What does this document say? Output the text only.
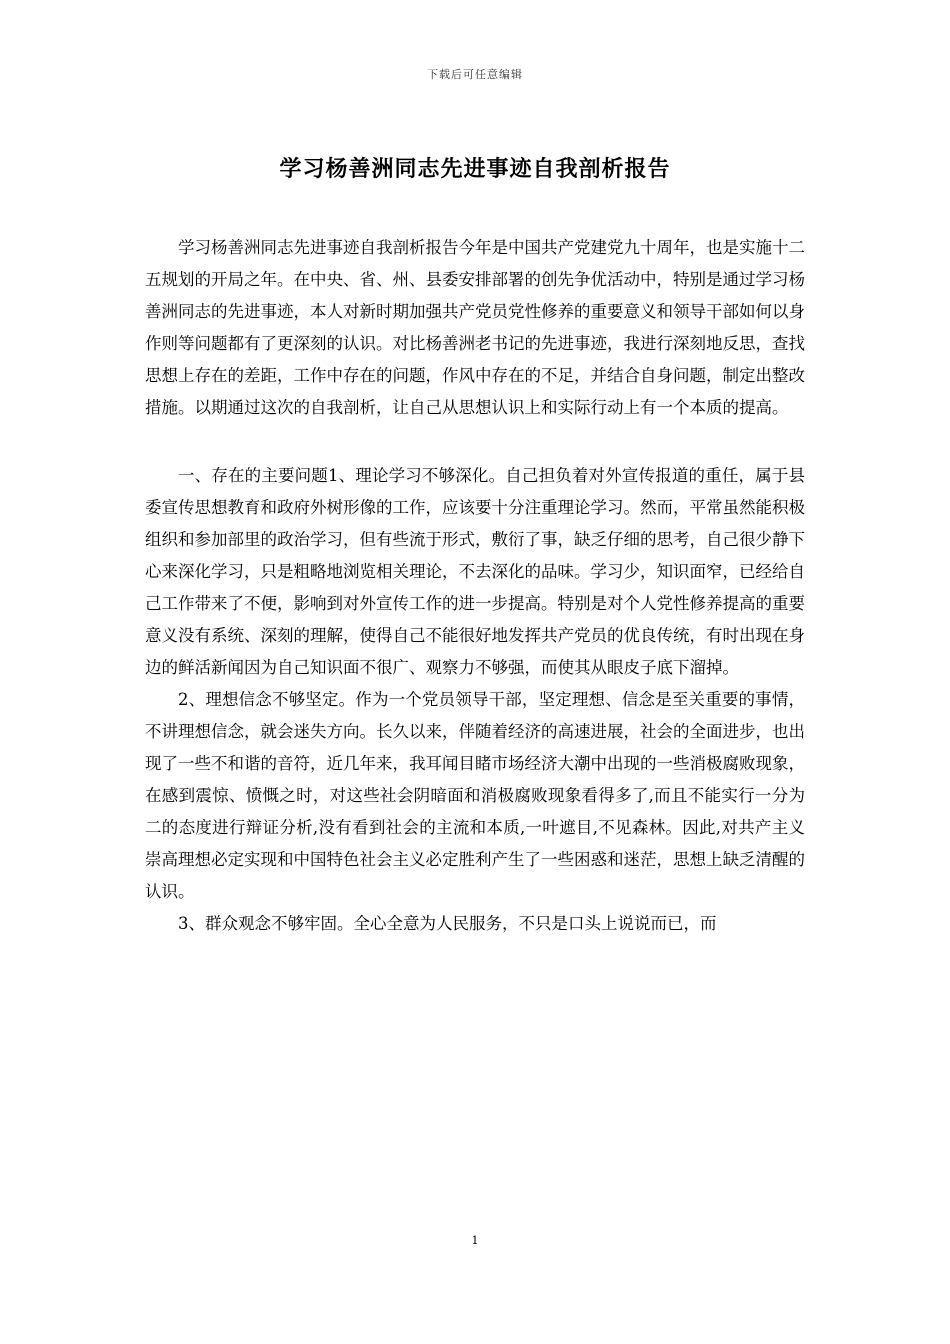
下载后可任意编辑
学习杨善洲同志先进事迹自我剖析报告

学习杨善洲同志先进事迹自我剖析报告今年是中国共产党建党九十周年，也是实施十二五规划的开局之年。在中央、省、州、县委安排部署的创先争优活动中，特别是通过学习杨善洲同志的先进事迹，本人对新时期加强共产党员党性修养的重要意义和领导干部如何以身作则等问题都有了更深刻的认识。对比杨善洲老书记的先进事迹，我进行深刻地反思，查找思想上存在的差距，工作中存在的问题，作风中存在的不足，并结合自身问题，制定出整改措施。以期通过这次的自我剖析，让自己从思想认识上和实际行动上有一个本质的提高。

一、存在的主要问题1、理论学习不够深化。自己担负着对外宣传报道的重任，属于县委宣传思想教育和政府外树形像的工作，应该要十分注重理论学习。然而，平常虽然能积极组织和参加部里的政治学习，但有些流于形式，敷衍了事，缺乏仔细的思考，自己很少静下心来深化学习，只是粗略地浏览相关理论，不去深化的品味。学习少，知识面窄，已经给自己工作带来了不便，影响到对外宣传工作的进一步提高。特别是对个人党性修养提高的重要意义没有系统、深刻的理解，使得自己不能很好地发挥共产党员的优良传统，有时出现在身边的鲜活新闻因为自己知识面不很广、观察力不够强，而使其从眼皮子底下溜掉。

2、理想信念不够坚定。作为一个党员领导干部，坚定理想、信念是至关重要的事情，不讲理想信念，就会迷失方向。长久以来，伴随着经济的高速进展，社会的全面进步，也出现了一些不和谐的音符，近几年来，我耳闻目睹市场经济大潮中出现的一些消极腐败现象，在感到震惊、愤慨之时，对这些社会阴暗面和消极腐败现象看得多了,而且不能实行一分为二的态度进行辩证分析,没有看到社会的主流和本质,一叶遮目,不见森林。因此,对共产主义崇高理想必定实现和中国特色社会主义必定胜利产生了一些困惑和迷茫，思想上缺乏清醒的认识。

3、群众观念不够牢固。全心全意为人民服务，不只是口头上说说而已，而

1
